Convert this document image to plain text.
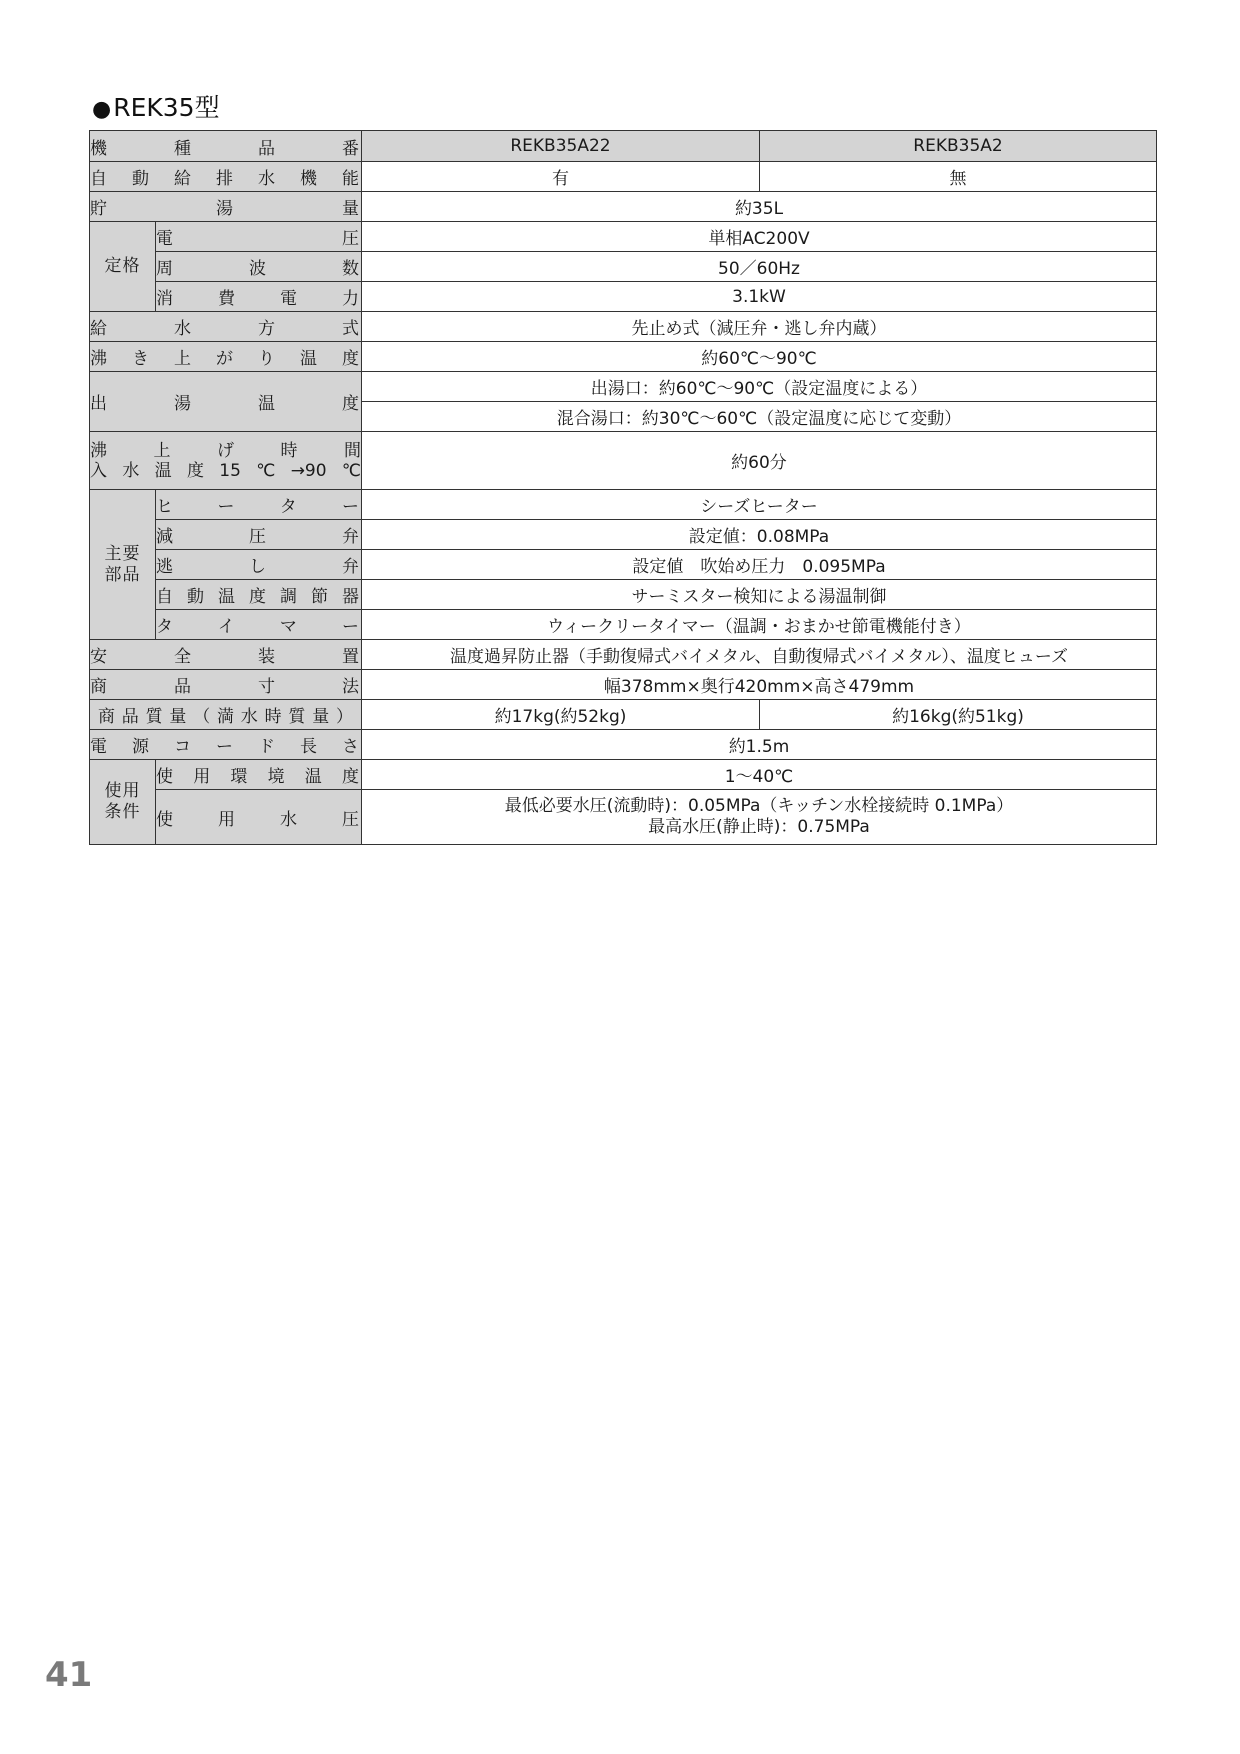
●REK35型
機種品番		REKB35A22	REKB35A2
自動給排水機能		有	無
貯湯量		約35L	
定格	電圧	単相AC200V	
	周波数	50／60Hz	
	消費電力	3.1kW	
給水方式		先止め式（減圧弁・逃し弁内蔵）	
沸き上がり温度		約60℃～90℃	
出湯温度		出湯口：約60℃～90℃（設定温度による）	
		混合湯口：約30℃～60℃（設定温度に応じて変動）	

沸上げ時間
入水温度15℃→90℃		約60分	
主要部品	ヒーター	シーズヒーター	
	減圧弁	設定値：0.08MPa	
	逃し弁	設定値　吹始め圧力　0.095MPa	
	自動温度調節器	サーミスター検知による湯温制御	
	タイマー	ウィークリータイマー（温調・おまかせ節電機能付き）	
安全装置		温度過昇防止器（手動復帰式バイメタル、自動復帰式バイメタル）、温度ヒューズ	
商品寸法		幅378mm×奥行420mm×高さ479mm	
商品質量（満水時質量）		約17kg(約52kg)	約16kg(約51kg)
電源コード長さ		約1.5m	
使用条件	使用環境温度	1～40℃	
	使用水圧	最低必要水圧(流動時)：0.05MPa（キッチン水栓接続時 0.1MPa）
最高水圧(静止時)：0.75MPa	
41
